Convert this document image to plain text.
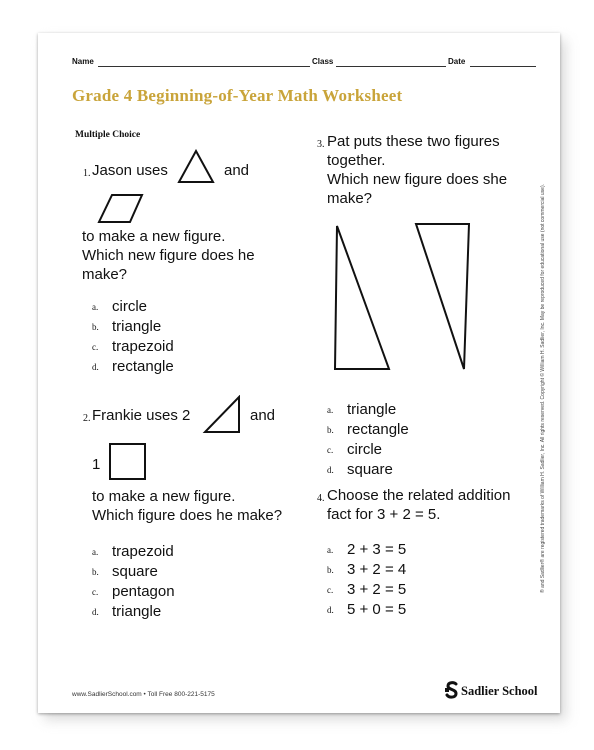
Name	Class	Date
Grade 4 Beginning-of-Year Math Worksheet
Multiple Choice
1. Jason uses	and
to make a new figure.
Which new figure does he
make?
a. circle
b. triangle
c. trapezoid
d. rectangle
2. Frankie uses 2	and
1
to make a new figure.
Which figure does he make?
a. trapezoid
b. square
c. pentagon
d. triangle
3. Pat puts these two figures
together.
Which new figure does she
make?
a. triangle
b. rectangle
c. circle
d. square
4. Choose the related addition
fact for 3 + 2 = 5.
a. 2 + 3 = 5
b. 3 + 2 = 4
c. 3 + 2 = 5
d. 5 + 0 = 5
® and Sadlier® are registered trademarks of William H. Sadlier, Inc. All rights reserved. Copyright © William H. Sadlier, Inc. May be reproduced for educational use (not commercial use).
www.SadlierSchool.com • Toll Free 800-221-5175	Sadlier School
